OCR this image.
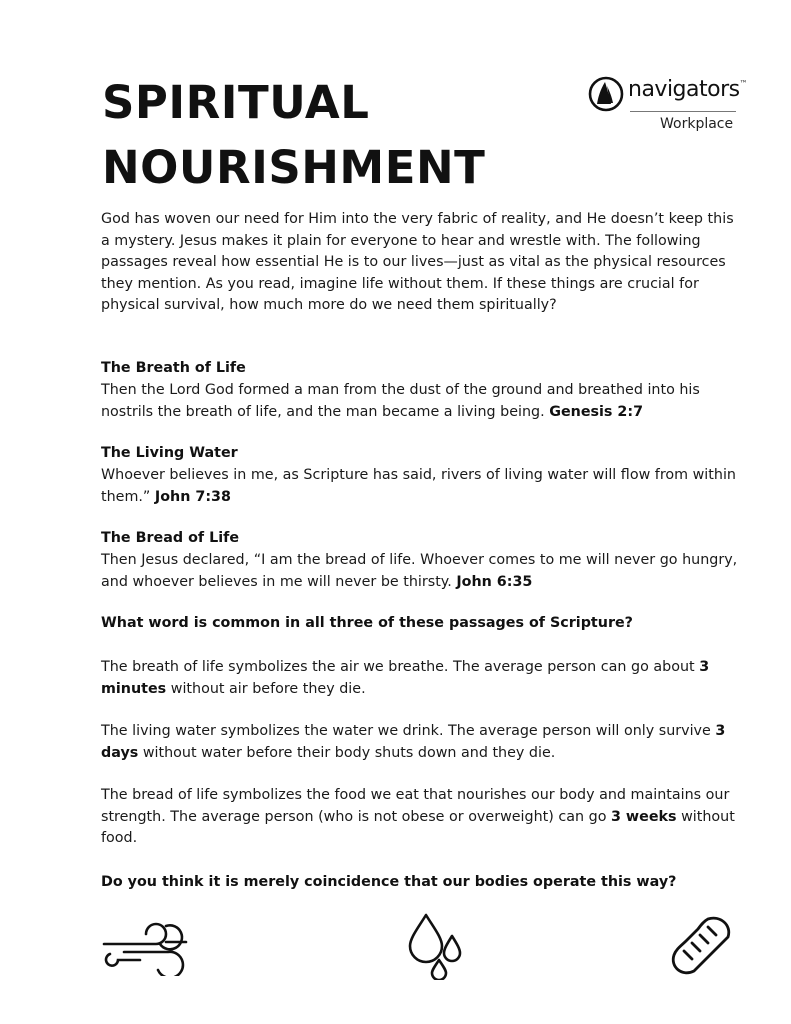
SPIRITUAL
NOURISHMENT
navigators™
Workplace

God has woven our need for Him into the very fabric of reality, and He doesn’t keep this a mystery. Jesus makes it plain for everyone to hear and wrestle with. The following passages reveal how essential He is to our lives—just as vital as the physical resources they mention. As you read, imagine life without them. If these things are crucial for physical survival, how much more do we need them spiritually?

The Breath of Life

Then the Lord God formed a man from the dust of the ground and breathed into his nostrils the breath of life, and the man became a living being. Genesis 2:7

The Living Water

Whoever believes in me, as Scripture has said, rivers of living water will flow from within them.” John 7:38

The Bread of Life

Then Jesus declared, “I am the bread of life. Whoever comes to me will never go hungry, and whoever believes in me will never be thirsty. John 6:35

What word is common in all three of these passages of Scripture?

The breath of life symbolizes the air we breathe. The average person can go about 3 minutes without air before they die.

The living water symbolizes the water we drink. The average person will only survive 3 days without water before their body shuts down and they die.

The bread of life symbolizes the food we eat that nourishes our body and maintains our strength. The average person (who is not obese or overweight) can go 3 weeks without food.

Do you think it is merely coincidence that our bodies operate this way?
